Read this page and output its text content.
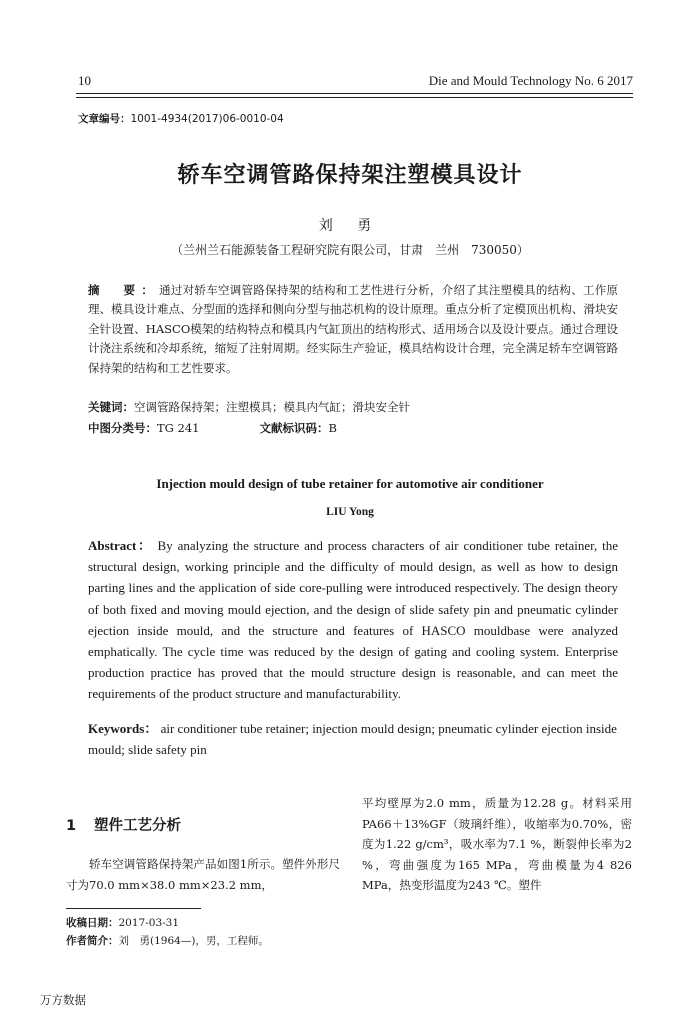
10	Die and Mould Technology No. 6 2017
文章编号：1001-4934(2017)06-0010-04
轿车空调管路保持架注塑模具设计
刘 勇
（兰州兰石能源装备工程研究院有限公司，甘肃　兰州　730050）
摘　要：通过对轿车空调管路保持架的结构和工艺性进行分析，介绍了其注塑模具的结构、工作原理、模具设计难点、分型面的选择和侧向分型与抽芯机构的设计原理。重点分析了定模顶出机构、滑块安全针设置、HASCO模架的结构特点和模具内气缸顶出的结构形式、适用场合以及设计要点。通过合理设计浇注系统和冷却系统，缩短了注射周期。经实际生产验证，模具结构设计合理，完全满足轿车空调管路保持架的结构和工艺性要求。
关键词：空调管路保持架；注塑模具；模具内气缸；滑块安全针
中图分类号：TG 241	文献标识码：B
Injection mould design of tube retainer for automotive air conditioner
LIU Yong
Abstract： By analyzing the structure and process characters of air conditioner tube retainer, the structural design, working principle and the difficulty of mould design, as well as how to design parting lines and the application of side core-pulling were introduced respectively. The design theory of both fixed and moving mould ejection, and the design of slide safety pin and pneumatic cylinder ejection inside mould, and the structure and features of HASCO mouldbase were analyzed emphatically. The cycle time was reduced by the design of gating and cooling system. Enterprise production practice has proved that the mould structure design is reasonable, and can meet the requirements of the product structure and manufacturability.
Keywords： air conditioner tube retainer; injection mould design; pneumatic cylinder ejection inside mould; slide safety pin
1 塑件工艺分析
轿车空调管路保持架产品如图1所示。塑件外形尺寸为70.0 mm×38.0 mm×23.2 mm，
平均壁厚为2.0 mm，质量为12.28 g。材料采用PA66＋13%GF（玻璃纤维），收缩率为0.70%，密度为1.22 g/cm³，吸水率为7.1 %，断裂伸长率为2 %，弯曲强度为165 MPa，弯曲模量为4 826 MPa，热变形温度为243 ℃。塑件
收稿日期：2017-03-31
作者简介：刘　勇(1964—)，男，工程师。
万方数据
